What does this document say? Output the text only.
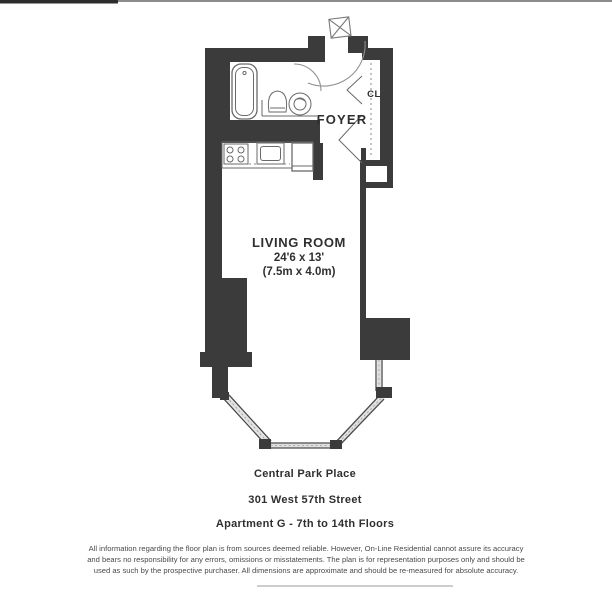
FOYER
CL
LIVING ROOM
24'6 x 13'
(7.5m x 4.0m)
Central Park Place
301 West 57th Street
Apartment G - 7th to 14th Floors
All information regarding the floor plan is from sources deemed reliable. However, On-Line Residential cannot assure its accuracy
and bears no responsibility for any errors, omissions or misstatements. The plan is for representation purposes only and should be
used as such by the prospective purchaser. All dimensions are approximate and should be re-measured for absolute accuracy.
